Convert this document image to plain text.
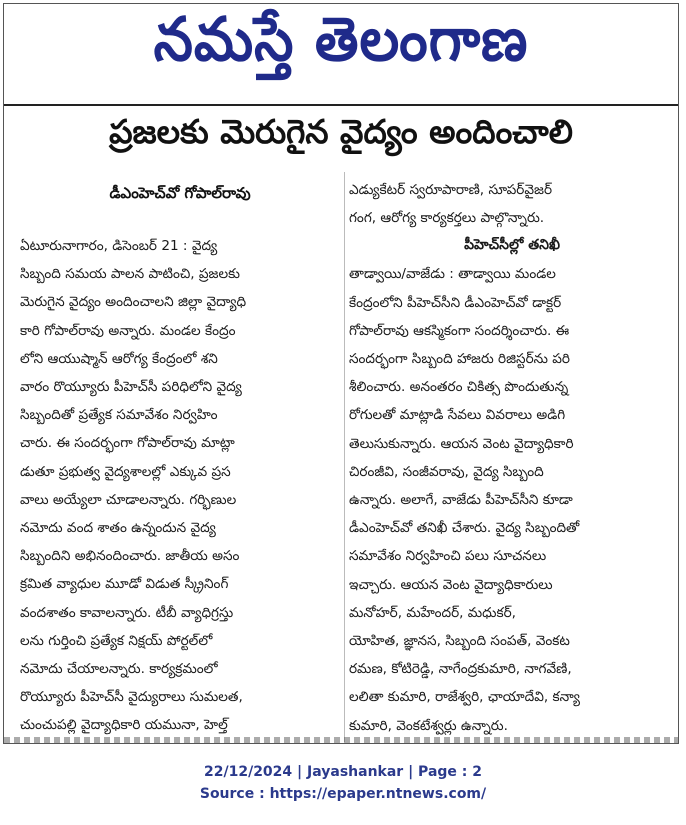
నమస్తే తెలంగాణ
ప్రజలకు మెరుగైన వైద్యం అందించాలి
డీఎంహెచ్‌వో గోపాల్‌రావు
ఏటూరునాగారం, డిసెంబర్ 21 : వైద్య
సిబ్బంది సమయ పాలన పాటించి, ప్రజలకు
మెరుగైన వైద్యం అందించాలని జిల్లా వైద్యాధి
కారి గోపాల్‌రావు అన్నారు. మండల కేంద్రం
లోని ఆయుష్మాన్ ఆరోగ్య కేంద్రంలో శని
వారం రొయ్యూరు పీహెచ్‌సీ పరిధిలోని వైద్య
సిబ్బందితో ప్రత్యేక సమావేశం నిర్వహిం
చారు. ఈ సందర్భంగా గోపాల్‌రావు మాట్లా
డుతూ ప్రభుత్వ వైద్యశాలల్లో ఎక్కువ ప్రస
వాలు అయ్యేలా చూడాలన్నారు. గర్భిణుల
నమోదు వంద శాతం ఉన్నందున వైద్య
సిబ్బందిని అభినందించారు. జాతీయ అసం
క్రమిత వ్యాధుల మూడో విడుత స్క్రీనింగ్
వందశాతం కావాలన్నారు. టీబీ వ్యాధిగ్రస్తు
లను గుర్తించి ప్రత్యేక నిక్షయ్ పోర్టల్‌లో
నమోదు చేయాలన్నారు. కార్యక్రమంలో
రొయ్యూరు పీహెచ్‌సీ వైద్యురాలు సుమలత,
చుంచుపల్లి వైద్యాధికారి యమునా, హెల్త్
ఎడ్యుకేటర్ స్వరూపారాణి, సూపర్‌వైజర్
గంగ, ఆరోగ్య కార్యకర్తలు పాల్గొన్నారు.
పీహెచ్‌సీల్లో తనిఖీ
తాడ్వాయి/వాజేడు : తాడ్వాయి మండల
కేంద్రంలోని పీహెచ్‌సీని డీఎంహెచ్‌వో డాక్టర్
గోపాల్‌రావు ఆకస్మికంగా సందర్శించారు. ఈ
సందర్భంగా సిబ్బంది హాజరు రిజిస్టర్‌ను పరి
శీలించారు. అనంతరం చికిత్స పొందుతున్న
రోగులతో మాట్లాడి సేవలు వివరాలు అడిగి
తెలుసుకున్నారు. ఆయన వెంట వైద్యాధికారి
చిరంజీవి, సంజీవరావు, వైద్య సిబ్బంది
ఉన్నారు. అలాగే, వాజేడు పీహెచ్‌సీని కూడా
డీఎంహెచ్‌వో తనిఖీ చేశారు. వైద్య సిబ్బందితో
సమావేశం నిర్వహించి పలు సూచనలు
ఇచ్చారు. ఆయన వెంట వైద్యాధికారులు
మనోహర్, మహేందర్, మధుకర్,
యోహిత, జ్ఞానస, సిబ్బంది సంపత్, వెంకట
రమణ, కోటిరెడ్డి, నాగేంద్రకుమారి, నాగవేణి,
లలితా కుమారి, రాజేశ్వరి, ఛాయాదేవి, కన్యా
కుమారి, వెంకటేశ్వర్లు ఉన్నారు.
22/12/2024 | Jayashankar | Page : 2
Source : https://epaper.ntnews.com/
